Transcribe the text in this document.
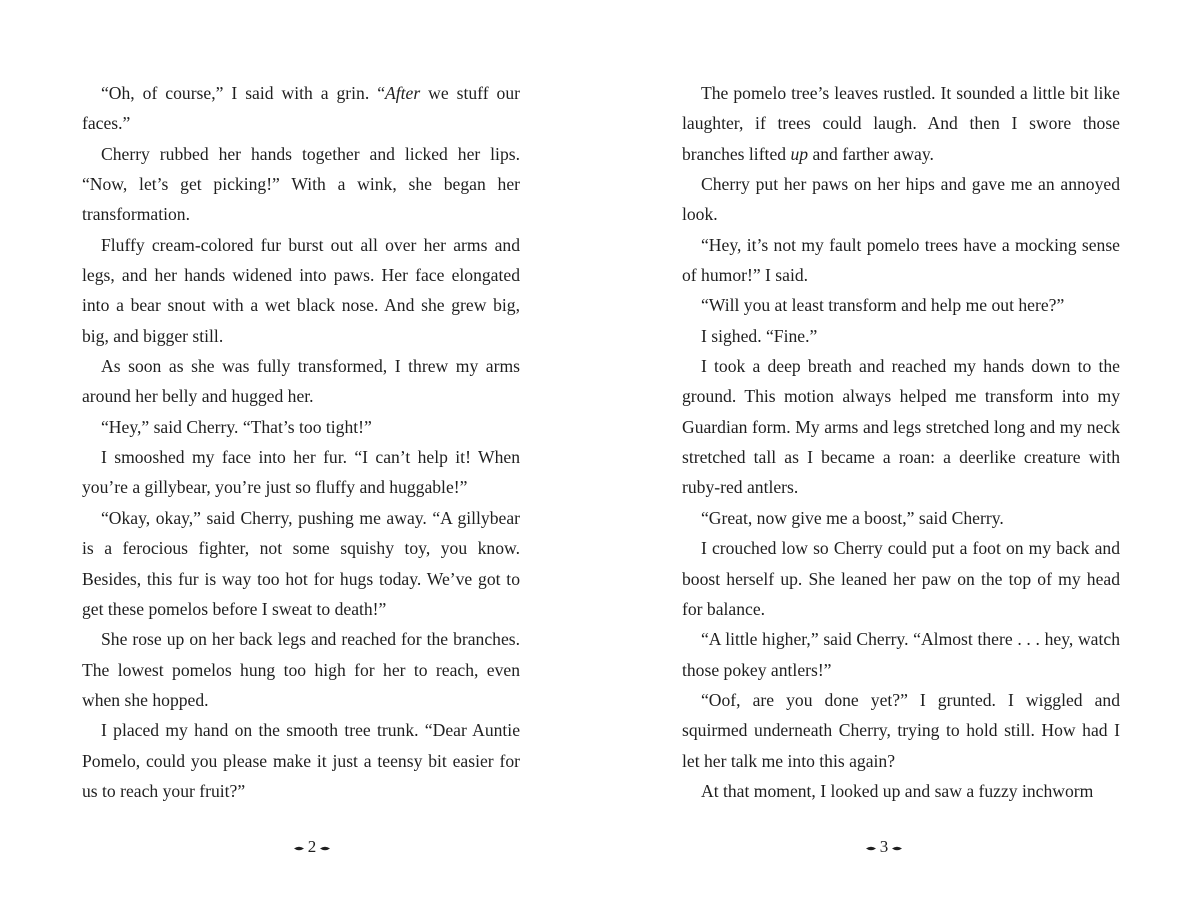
“Oh, of course,” I said with a grin. “After we stuff our faces.”

Cherry rubbed her hands together and licked her lips. “Now, let’s get picking!” With a wink, she began her transformation.

Fluffy cream-colored fur burst out all over her arms and legs, and her hands widened into paws. Her face elongated into a bear snout with a wet black nose. And she grew big, big, and bigger still.

As soon as she was fully transformed, I threw my arms around her belly and hugged her.

“Hey,” said Cherry. “That’s too tight!”

I smooshed my face into her fur. “I can’t help it! When you’re a gillybear, you’re just so fluffy and huggable!”

“Okay, okay,” said Cherry, pushing me away. “A gillybear is a ferocious fighter, not some squishy toy, you know. Besides, this fur is way too hot for hugs today. We’ve got to get these pomelos before I sweat to death!”

She rose up on her back legs and reached for the branches. The lowest pomelos hung too high for her to reach, even when she hopped.

I placed my hand on the smooth tree trunk. “Dear Auntie Pomelo, could you please make it just a teensy bit easier for us to reach your fruit?”

The pomelo tree’s leaves rustled. It sounded a little bit like laughter, if trees could laugh. And then I swore those branches lifted up and farther away.

Cherry put her paws on her hips and gave me an annoyed look.

“Hey, it’s not my fault pomelo trees have a mocking sense of humor!” I said.

“Will you at least transform and help me out here?”

I sighed. “Fine.”

I took a deep breath and reached my hands down to the ground. This motion always helped me transform into my Guardian form. My arms and legs stretched long and my neck stretched tall as I became a roan: a deerlike creature with ruby-red antlers.

“Great, now give me a boost,” said Cherry.

I crouched low so Cherry could put a foot on my back and boost herself up. She leaned her paw on the top of my head for balance.

“A little higher,” said Cherry. “Almost there . . . hey, watch those pokey antlers!”

“Oof, are you done yet?” I grunted. I wiggled and squirmed underneath Cherry, trying to hold still. How had I let her talk me into this again?

At that moment, I looked up and saw a fuzzy inchworm

2	3
